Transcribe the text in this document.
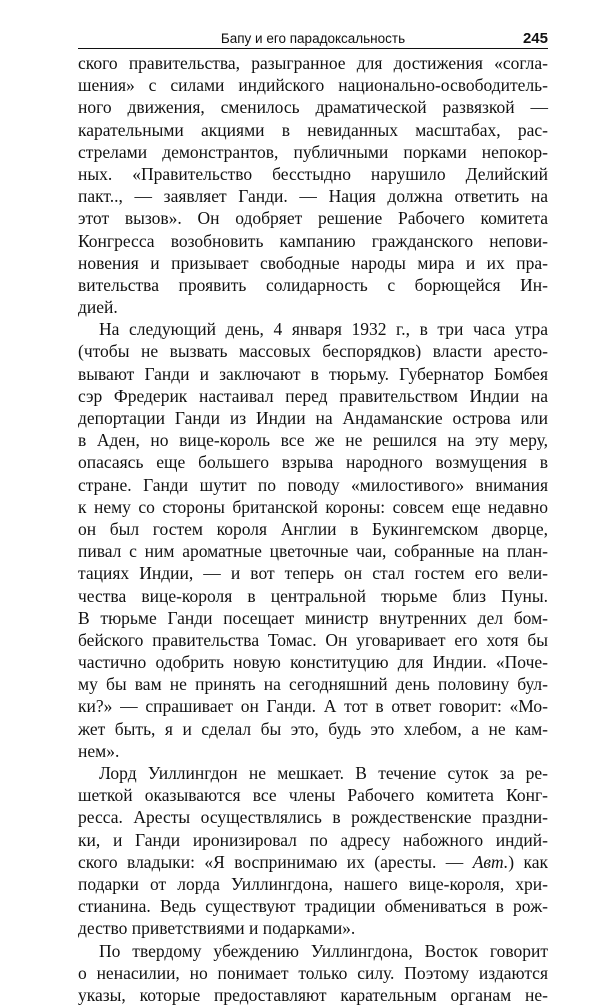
Бапу и его парадоксальность	245
ского правительства, разыгранное для достижения «согла-
шения» с силами индийского национально-освободитель-
ного движения, сменилось драматической развязкой —
карательными акциями в невиданных масштабах, рас-
стрелами демонстрантов, публичными порками непокор-
ных. «Правительство бесстыдно нарушило Делийский
пакт.., — заявляет Ганди. — Нация должна ответить на
этот вызов». Он одобряет решение Рабочего комитета
Конгресса возобновить кампанию гражданского непови-
новения и призывает свободные народы мира и их пра-
вительства проявить солидарность с борющейся Ин-
дией.
На следующий день, 4 января 1932 г., в три часа утра
(чтобы не вызвать массовых беспорядков) власти аресто-
вывают Ганди и заключают в тюрьму. Губернатор Бомбея
сэр Фредерик настаивал перед правительством Индии на
депортации Ганди из Индии на Андаманские острова или
в Аден, но вице-король все же не решился на эту меру,
опасаясь еще большего взрыва народного возмущения в
стране. Ганди шутит по поводу «милостивого» внимания
к нему со стороны британской короны: совсем еще недавно
он был гостем короля Англии в Букингемском дворце,
пивал с ним ароматные цветочные чаи, собранные на план-
тациях Индии, — и вот теперь он стал гостем его вели-
чества вице-короля в центральной тюрьме близ Пуны.
В тюрьме Ганди посещает министр внутренних дел бом-
бейского правительства Томас. Он уговаривает его хотя бы
частично одобрить новую конституцию для Индии. «Поче-
му бы вам не принять на сегодняшний день половину бул-
ки?» — спрашивает он Ганди. А тот в ответ говорит: «Мо-
жет быть, я и сделал бы это, будь это хлебом, а не кам-
нем».
Лорд Уиллингдон не мешкает. В течение суток за ре-
шеткой оказываются все члены Рабочего комитета Конг-
ресса. Аресты осуществлялись в рождественские праздни-
ки, и Ганди иронизировал по адресу набожного индий-
ского владыки: «Я воспринимаю их (аресты. — Авт.) как
подарки от лорда Уиллингдона, нашего вице-короля, хри-
стианина. Ведь существуют традиции обмениваться в рож-
дество приветствиями и подарками».
По твердому убеждению Уиллингдона, Восток говорит
о ненасилии, но понимает только силу. Поэтому издаются
указы, которые предоставляют карательным органам не-
